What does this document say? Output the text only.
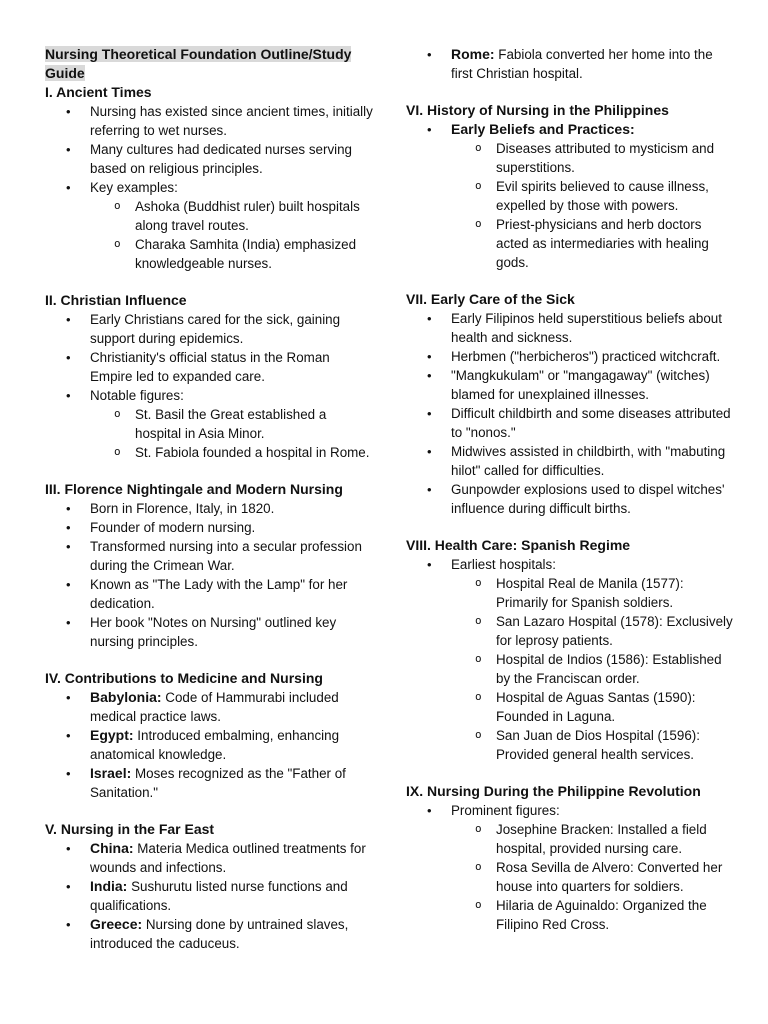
Nursing Theoretical Foundation Outline/Study
Guide

I. Ancient Times

• Nursing has existed since ancient times, initially referring to wet nurses.
• Many cultures had dedicated nurses serving based on religious principles.
• Key examples:
o Ashoka (Buddhist ruler) built hospitals along travel routes.
o Charaka Samhita (India) emphasized knowledgeable nurses.

II. Christian Influence

• Early Christians cared for the sick, gaining support during epidemics.
• Christianity's official status in the Roman Empire led to expanded care.
• Notable figures:
o St. Basil the Great established a hospital in Asia Minor.
o St. Fabiola founded a hospital in Rome.

III. Florence Nightingale and Modern Nursing

• Born in Florence, Italy, in 1820.
• Founder of modern nursing.
• Transformed nursing into a secular profession during the Crimean War.
• Known as "The Lady with the Lamp" for her dedication.
• Her book "Notes on Nursing" outlined key nursing principles.

IV. Contributions to Medicine and Nursing

• Babylonia: Code of Hammurabi included medical practice laws.
• Egypt: Introduced embalming, enhancing anatomical knowledge.
• Israel: Moses recognized as the "Father of Sanitation."

V. Nursing in the Far East

• China: Materia Medica outlined treatments for wounds and infections.
• India: Sushurutu listed nurse functions and qualifications.
• Greece: Nursing done by untrained slaves, introduced the caduceus.
• Rome: Fabiola converted her home into the first Christian hospital.

VI. History of Nursing in the Philippines

• Early Beliefs and Practices:
o Diseases attributed to mysticism and superstitions.
o Evil spirits believed to cause illness, expelled by those with powers.
o Priest-physicians and herb doctors acted as intermediaries with healing gods.

VII. Early Care of the Sick

• Early Filipinos held superstitious beliefs about health and sickness.
• Herbmen ("herbicheros") practiced witchcraft.
• "Mangkukulam" or "mangagaway" (witches) blamed for unexplained illnesses.
• Difficult childbirth and some diseases attributed to "nonos."
• Midwives assisted in childbirth, with "mabuting hilot" called for difficulties.
• Gunpowder explosions used to dispel witches' influence during difficult births.

VIII. Health Care: Spanish Regime

• Earliest hospitals:
o Hospital Real de Manila (1577): Primarily for Spanish soldiers.
o San Lazaro Hospital (1578): Exclusively for leprosy patients.
o Hospital de Indios (1586): Established by the Franciscan order.
o Hospital de Aguas Santas (1590): Founded in Laguna.
o San Juan de Dios Hospital (1596): Provided general health services.

IX. Nursing During the Philippine Revolution

• Prominent figures:
o Josephine Bracken: Installed a field hospital, provided nursing care.
o Rosa Sevilla de Alvero: Converted her house into quarters for soldiers.
o Hilaria de Aguinaldo: Organized the Filipino Red Cross.
